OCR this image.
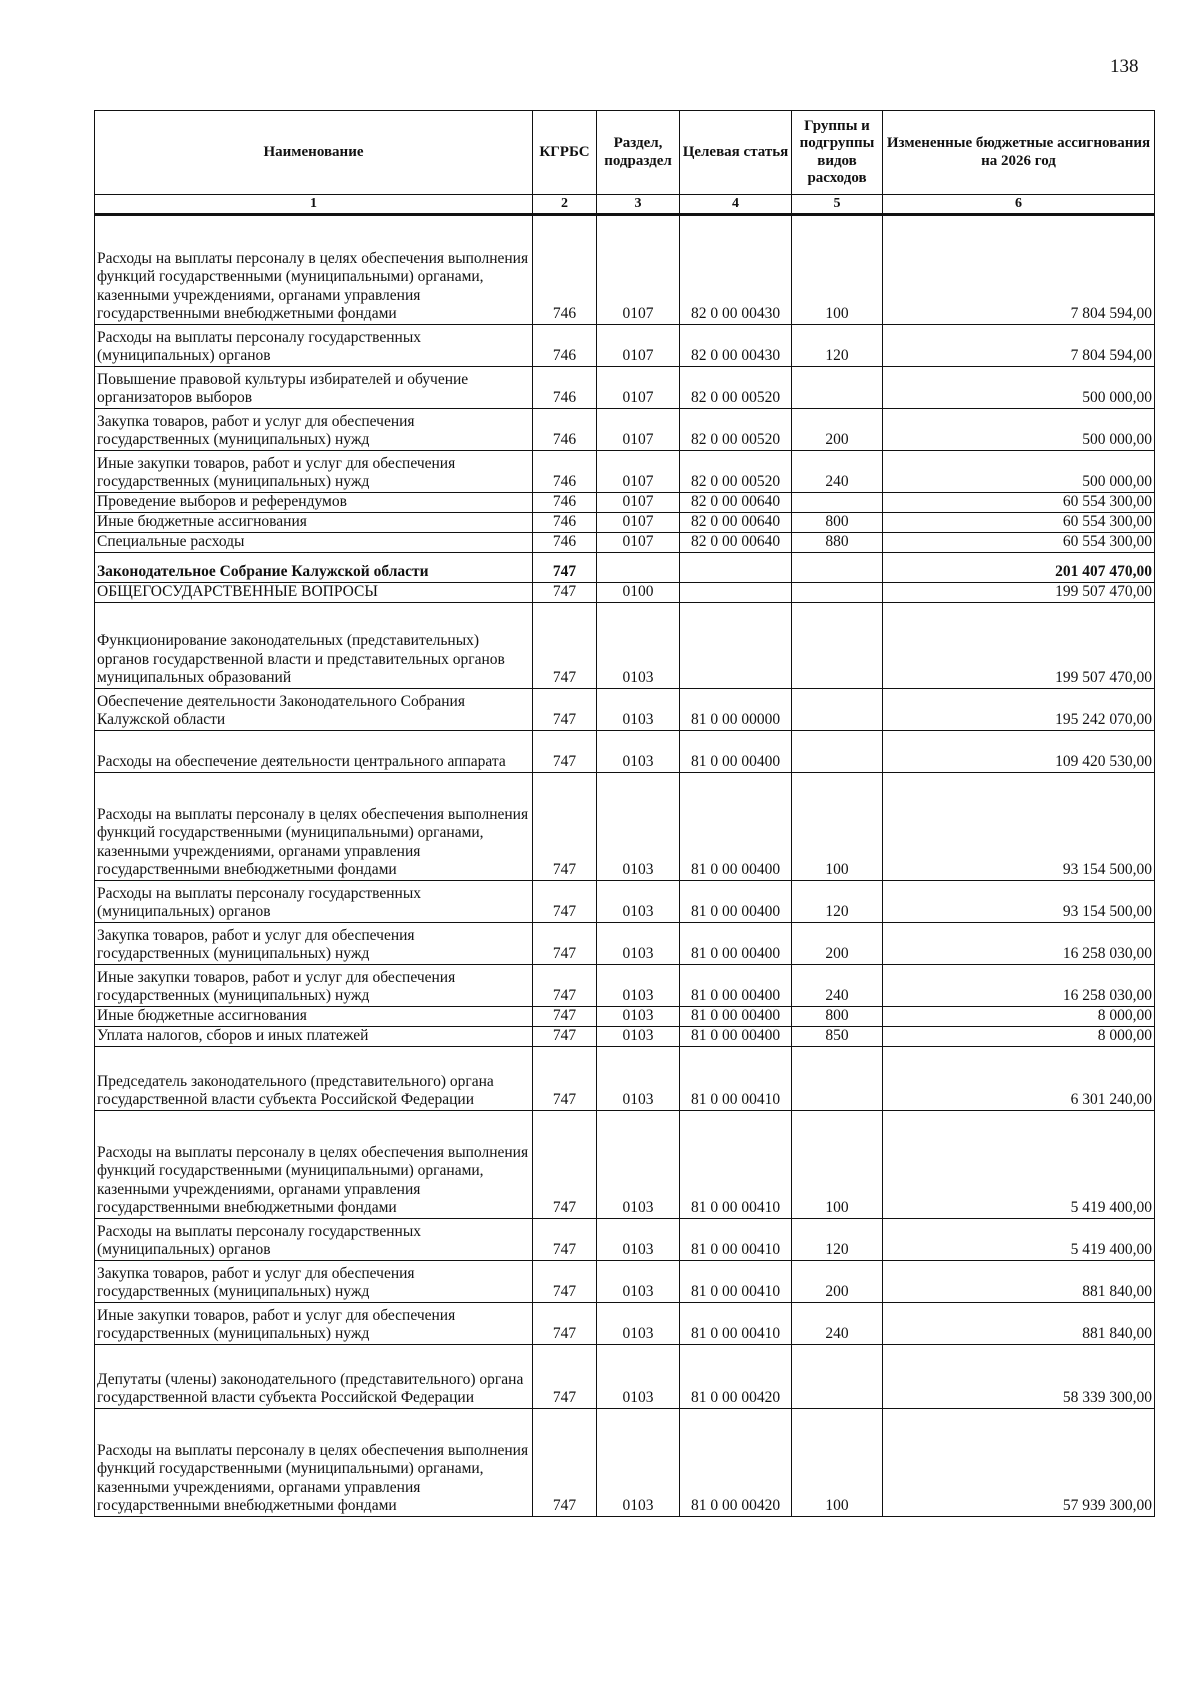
138
Наименование	КГРБС	Раздел, подраздел	Целевая статья	Группы и подгруппы видов расходов	Измененные бюджетные ассигнования на 2026 год
1	2	3	4	5	6
Расходы на выплаты персоналу в целях обеспечения выполнения функций государственными (муниципальными) органами, казенными учреждениями, органами управления государственными внебюджетными фондами	746	0107	82 0 00 00430	100	7 804 594,00
Расходы на выплаты персоналу государственных (муниципальных) органов	746	0107	82 0 00 00430	120	7 804 594,00
Повышение правовой культуры избирателей и обучение организаторов выборов	746	0107	82 0 00 00520		500 000,00
Закупка товаров, работ и услуг для обеспечения государственных (муниципальных) нужд	746	0107	82 0 00 00520	200	500 000,00
Иные закупки товаров, работ и услуг для обеспечения государственных (муниципальных) нужд	746	0107	82 0 00 00520	240	500 000,00
Проведение выборов и референдумов	746	0107	82 0 00 00640		60 554 300,00
Иные бюджетные ассигнования	746	0107	82 0 00 00640	800	60 554 300,00
Специальные расходы	746	0107	82 0 00 00640	880	60 554 300,00
Законодательное Собрание Калужской области	747				201 407 470,00
ОБЩЕГОСУДАРСТВЕННЫЕ ВОПРОСЫ	747	0100			199 507 470,00
Функционирование законодательных (представительных) органов государственной власти и представительных органов муниципальных образований	747	0103			199 507 470,00
Обеспечение деятельности Законодательного Собрания Калужской области	747	0103	81 0 00 00000		195 242 070,00
Расходы на обеспечение деятельности центрального аппарата	747	0103	81 0 00 00400		109 420 530,00
Расходы на выплаты персоналу в целях обеспечения выполнения функций государственными (муниципальными) органами, казенными учреждениями, органами управления государственными внебюджетными фондами	747	0103	81 0 00 00400	100	93 154 500,00
Расходы на выплаты персоналу государственных (муниципальных) органов	747	0103	81 0 00 00400	120	93 154 500,00
Закупка товаров, работ и услуг для обеспечения государственных (муниципальных) нужд	747	0103	81 0 00 00400	200	16 258 030,00
Иные закупки товаров, работ и услуг для обеспечения государственных (муниципальных) нужд	747	0103	81 0 00 00400	240	16 258 030,00
Иные бюджетные ассигнования	747	0103	81 0 00 00400	800	8 000,00
Уплата налогов, сборов и иных платежей	747	0103	81 0 00 00400	850	8 000,00
Председатель законодательного (представительного) органа государственной власти субъекта Российской Федерации	747	0103	81 0 00 00410		6 301 240,00
Расходы на выплаты персоналу в целях обеспечения выполнения функций государственными (муниципальными) органами, казенными учреждениями, органами управления государственными внебюджетными фондами	747	0103	81 0 00 00410	100	5 419 400,00
Расходы на выплаты персоналу государственных (муниципальных) органов	747	0103	81 0 00 00410	120	5 419 400,00
Закупка товаров, работ и услуг для обеспечения государственных (муниципальных) нужд	747	0103	81 0 00 00410	200	881 840,00
Иные закупки товаров, работ и услуг для обеспечения государственных (муниципальных) нужд	747	0103	81 0 00 00410	240	881 840,00
Депутаты (члены) законодательного (представительного) органа государственной власти субъекта Российской Федерации	747	0103	81 0 00 00420		58 339 300,00
Расходы на выплаты персоналу в целях обеспечения выполнения функций государственными (муниципальными) органами, казенными учреждениями, органами управления государственными внебюджетными фондами	747	0103	81 0 00 00420	100	57 939 300,00
